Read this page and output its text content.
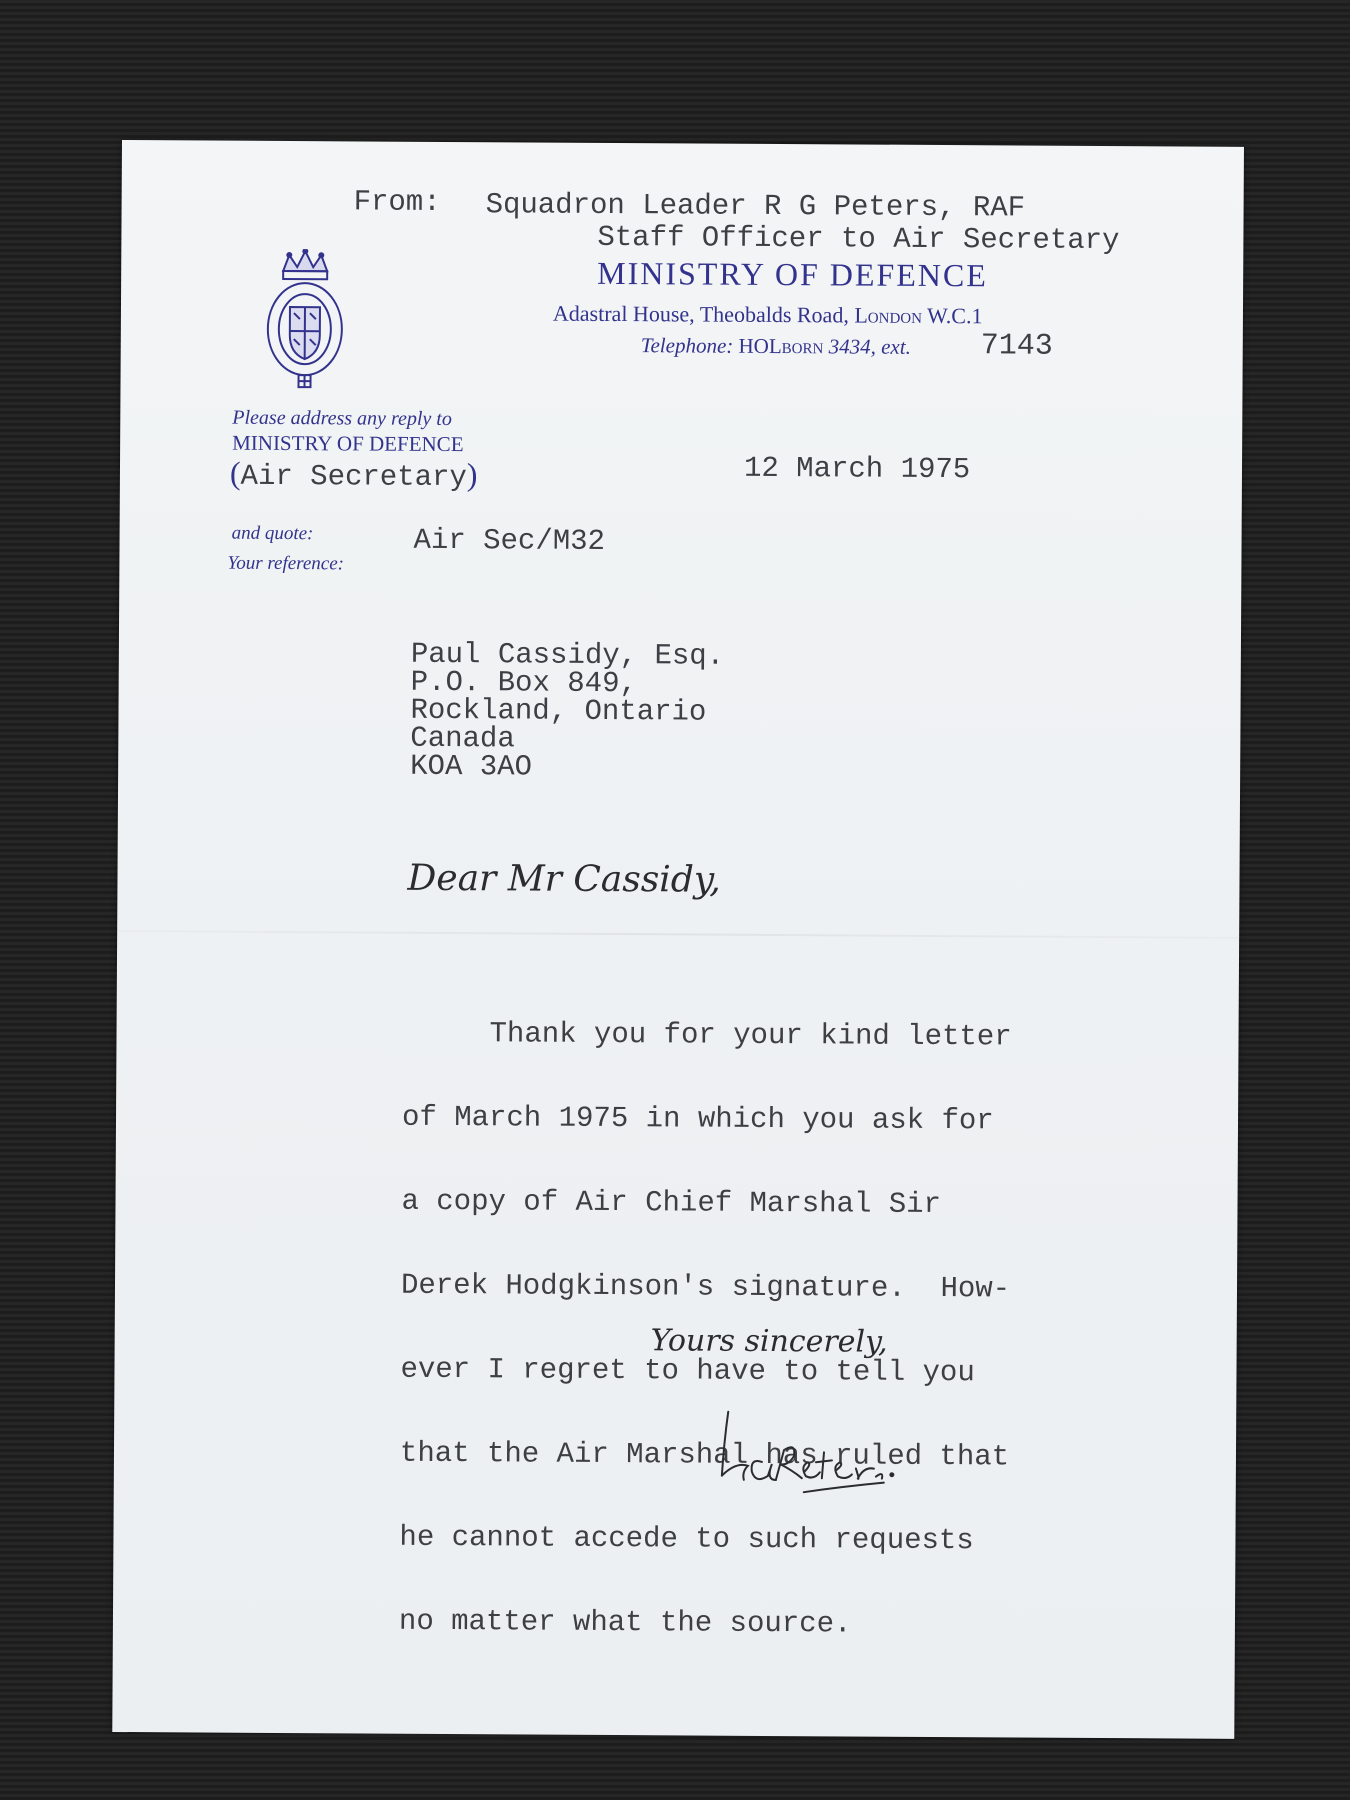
From: Squadron Leader R G Peters, RAF
Staff Officer to Air Secretary
MINISTRY OF DEFENCE
Adastral House, Theobalds Road, London W.C.1
Telephone: HOLborn 3434, ext. 7143
Please address any reply to
MINISTRY OF DEFENCE
(Air Secretary)	12 March 1975
and quote:
Your reference:
Air Sec/M32
Paul Cassidy, Esq.
P.O. Box 849,
Rockland, Ontario
Canada
KOA 3AO
Dear Mr Cassidy,

Thank you for your kind letter

of March 1975 in which you ask for

a copy of Air Chief Marshal Sir

Derek Hodgkinson's signature.  How-

ever I regret to have to tell you

that the Air Marshal has ruled that

he cannot accede to such requests

no matter what the source.

Yours sincerely,
